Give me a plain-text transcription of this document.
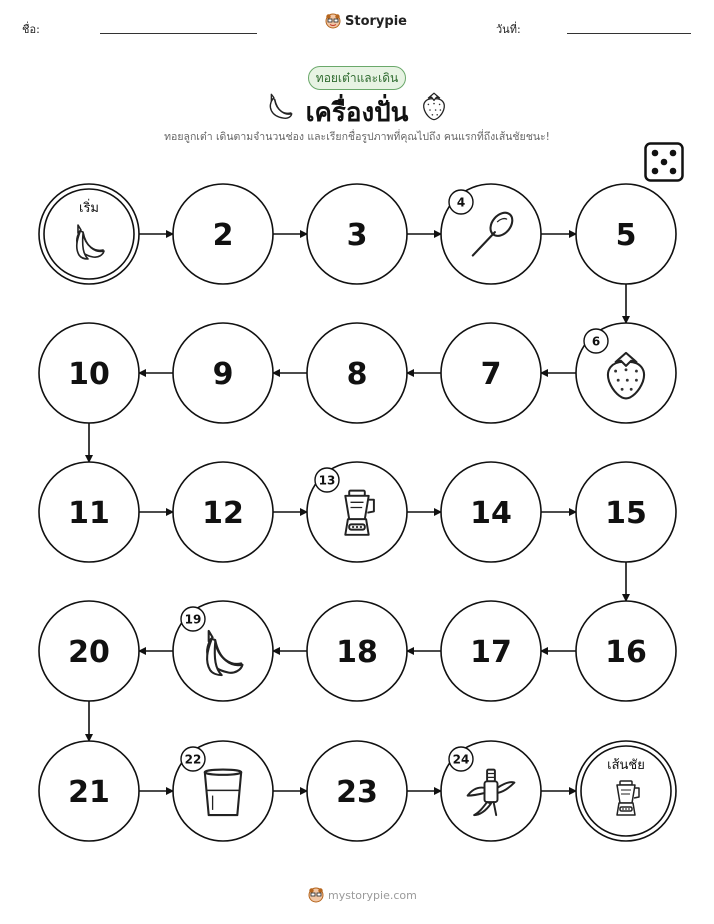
ชื่อ:
Storypie
วันที่:
ทอยเต๋าและเดิน
เครื่องปั่น
ทอยลูกเต๋า เดินตามจำนวนช่อง และเรียกชื่อรูปภาพที่คุณไปถึง คนแรกที่ถึงเส้นชัยชนะ!
เริ่ม
2	3
4
5
10	9	8	7
6
11	12
13
14	15
20
19
18	17	16
21
22
23
24	เส้นชัย
mystorypie.com
